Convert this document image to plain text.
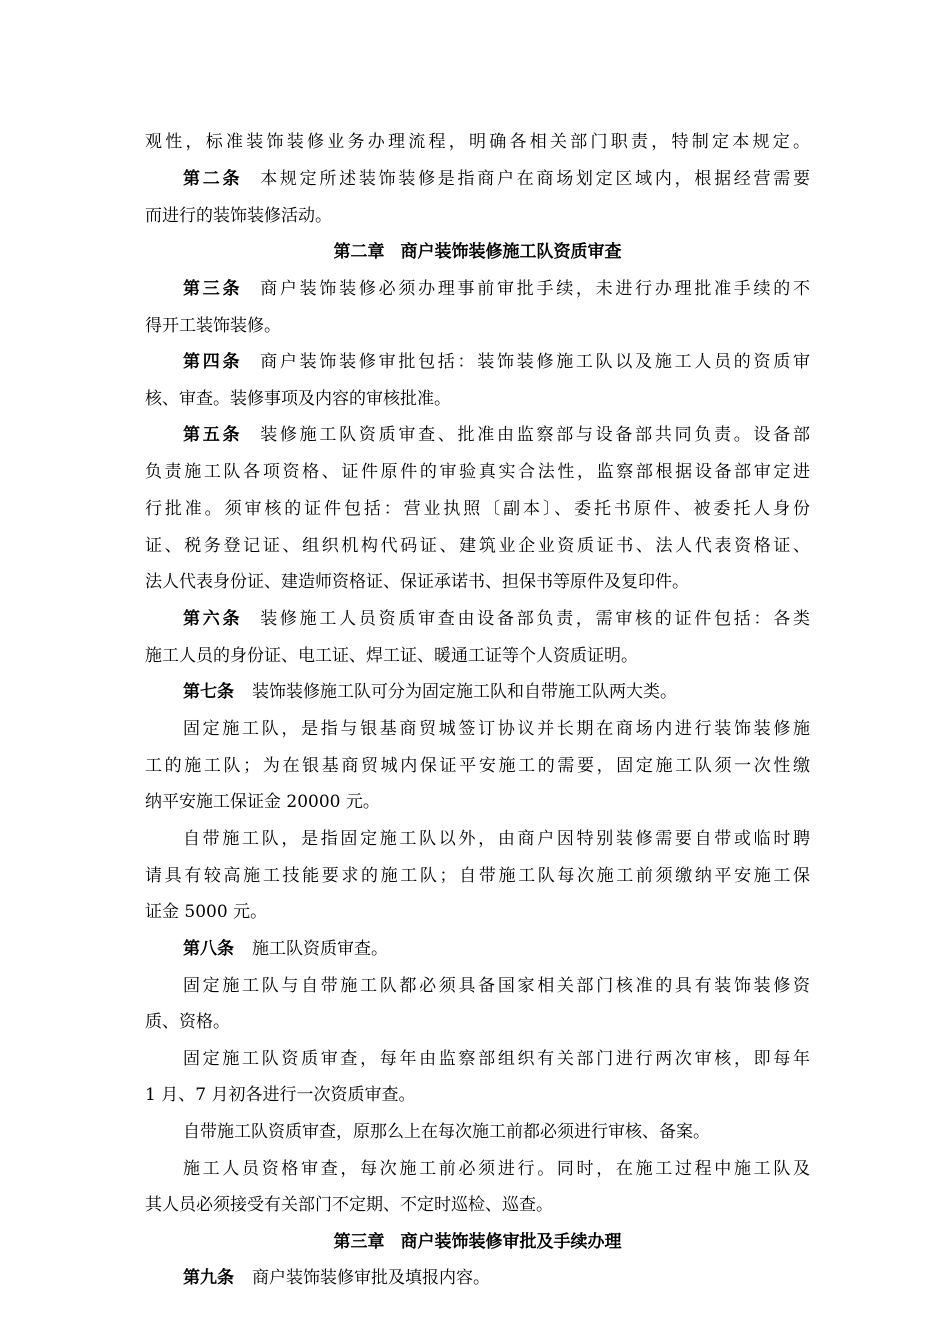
观性，标准装饰装修业务办理流程，明确各相关部门职责，特制定本规定。
第二条 本规定所述装饰装修是指商户在商场划定区域内，根据经营需要
而进行的装饰装修活动。
第二章 商户装饰装修施工队资质审查
第三条 商户装饰装修必须办理事前审批手续，未进行办理批准手续的不
得开工装饰装修。
第四条 商户装饰装修审批包括：装饰装修施工队以及施工人员的资质审
核、审查。装修事项及内容的审核批准。
第五条 装修施工队资质审查、批准由监察部与设备部共同负责。设备部
负责施工队各项资格、证件原件的审验真实合法性，监察部根据设备部审定进
行批准。须审核的证件包括：营业执照〔副本〕、委托书原件、被委托人身份
证、税务登记证、组织机构代码证、建筑业企业资质证书、法人代表资格证、
法人代表身份证、建造师资格证、保证承诺书、担保书等原件及复印件。
第六条 装修施工人员资质审查由设备部负责，需审核的证件包括：各类
施工人员的身份证、电工证、焊工证、暖通工证等个人资质证明。
第七条 装饰装修施工队可分为固定施工队和自带施工队两大类。
固定施工队，是指与银基商贸城签订协议并长期在商场内进行装饰装修施
工的施工队；为在银基商贸城内保证平安施工的需要，固定施工队须一次性缴
纳平安施工保证金 20000 元。
自带施工队，是指固定施工队以外，由商户因特别装修需要自带或临时聘
请具有较高施工技能要求的施工队；自带施工队每次施工前须缴纳平安施工保
证金 5000 元。
第八条 施工队资质审查。
固定施工队与自带施工队都必须具备国家相关部门核准的具有装饰装修资
质、资格。
固定施工队资质审查，每年由监察部组织有关部门进行两次审核，即每年
1 月、7 月初各进行一次资质审查。
自带施工队资质审查，原那么上在每次施工前都必须进行审核、备案。
施工人员资格审查，每次施工前必须进行。同时，在施工过程中施工队及
其人员必须接受有关部门不定期、不定时巡检、巡查。
第三章 商户装饰装修审批及手续办理
第九条 商户装饰装修审批及填报内容。
